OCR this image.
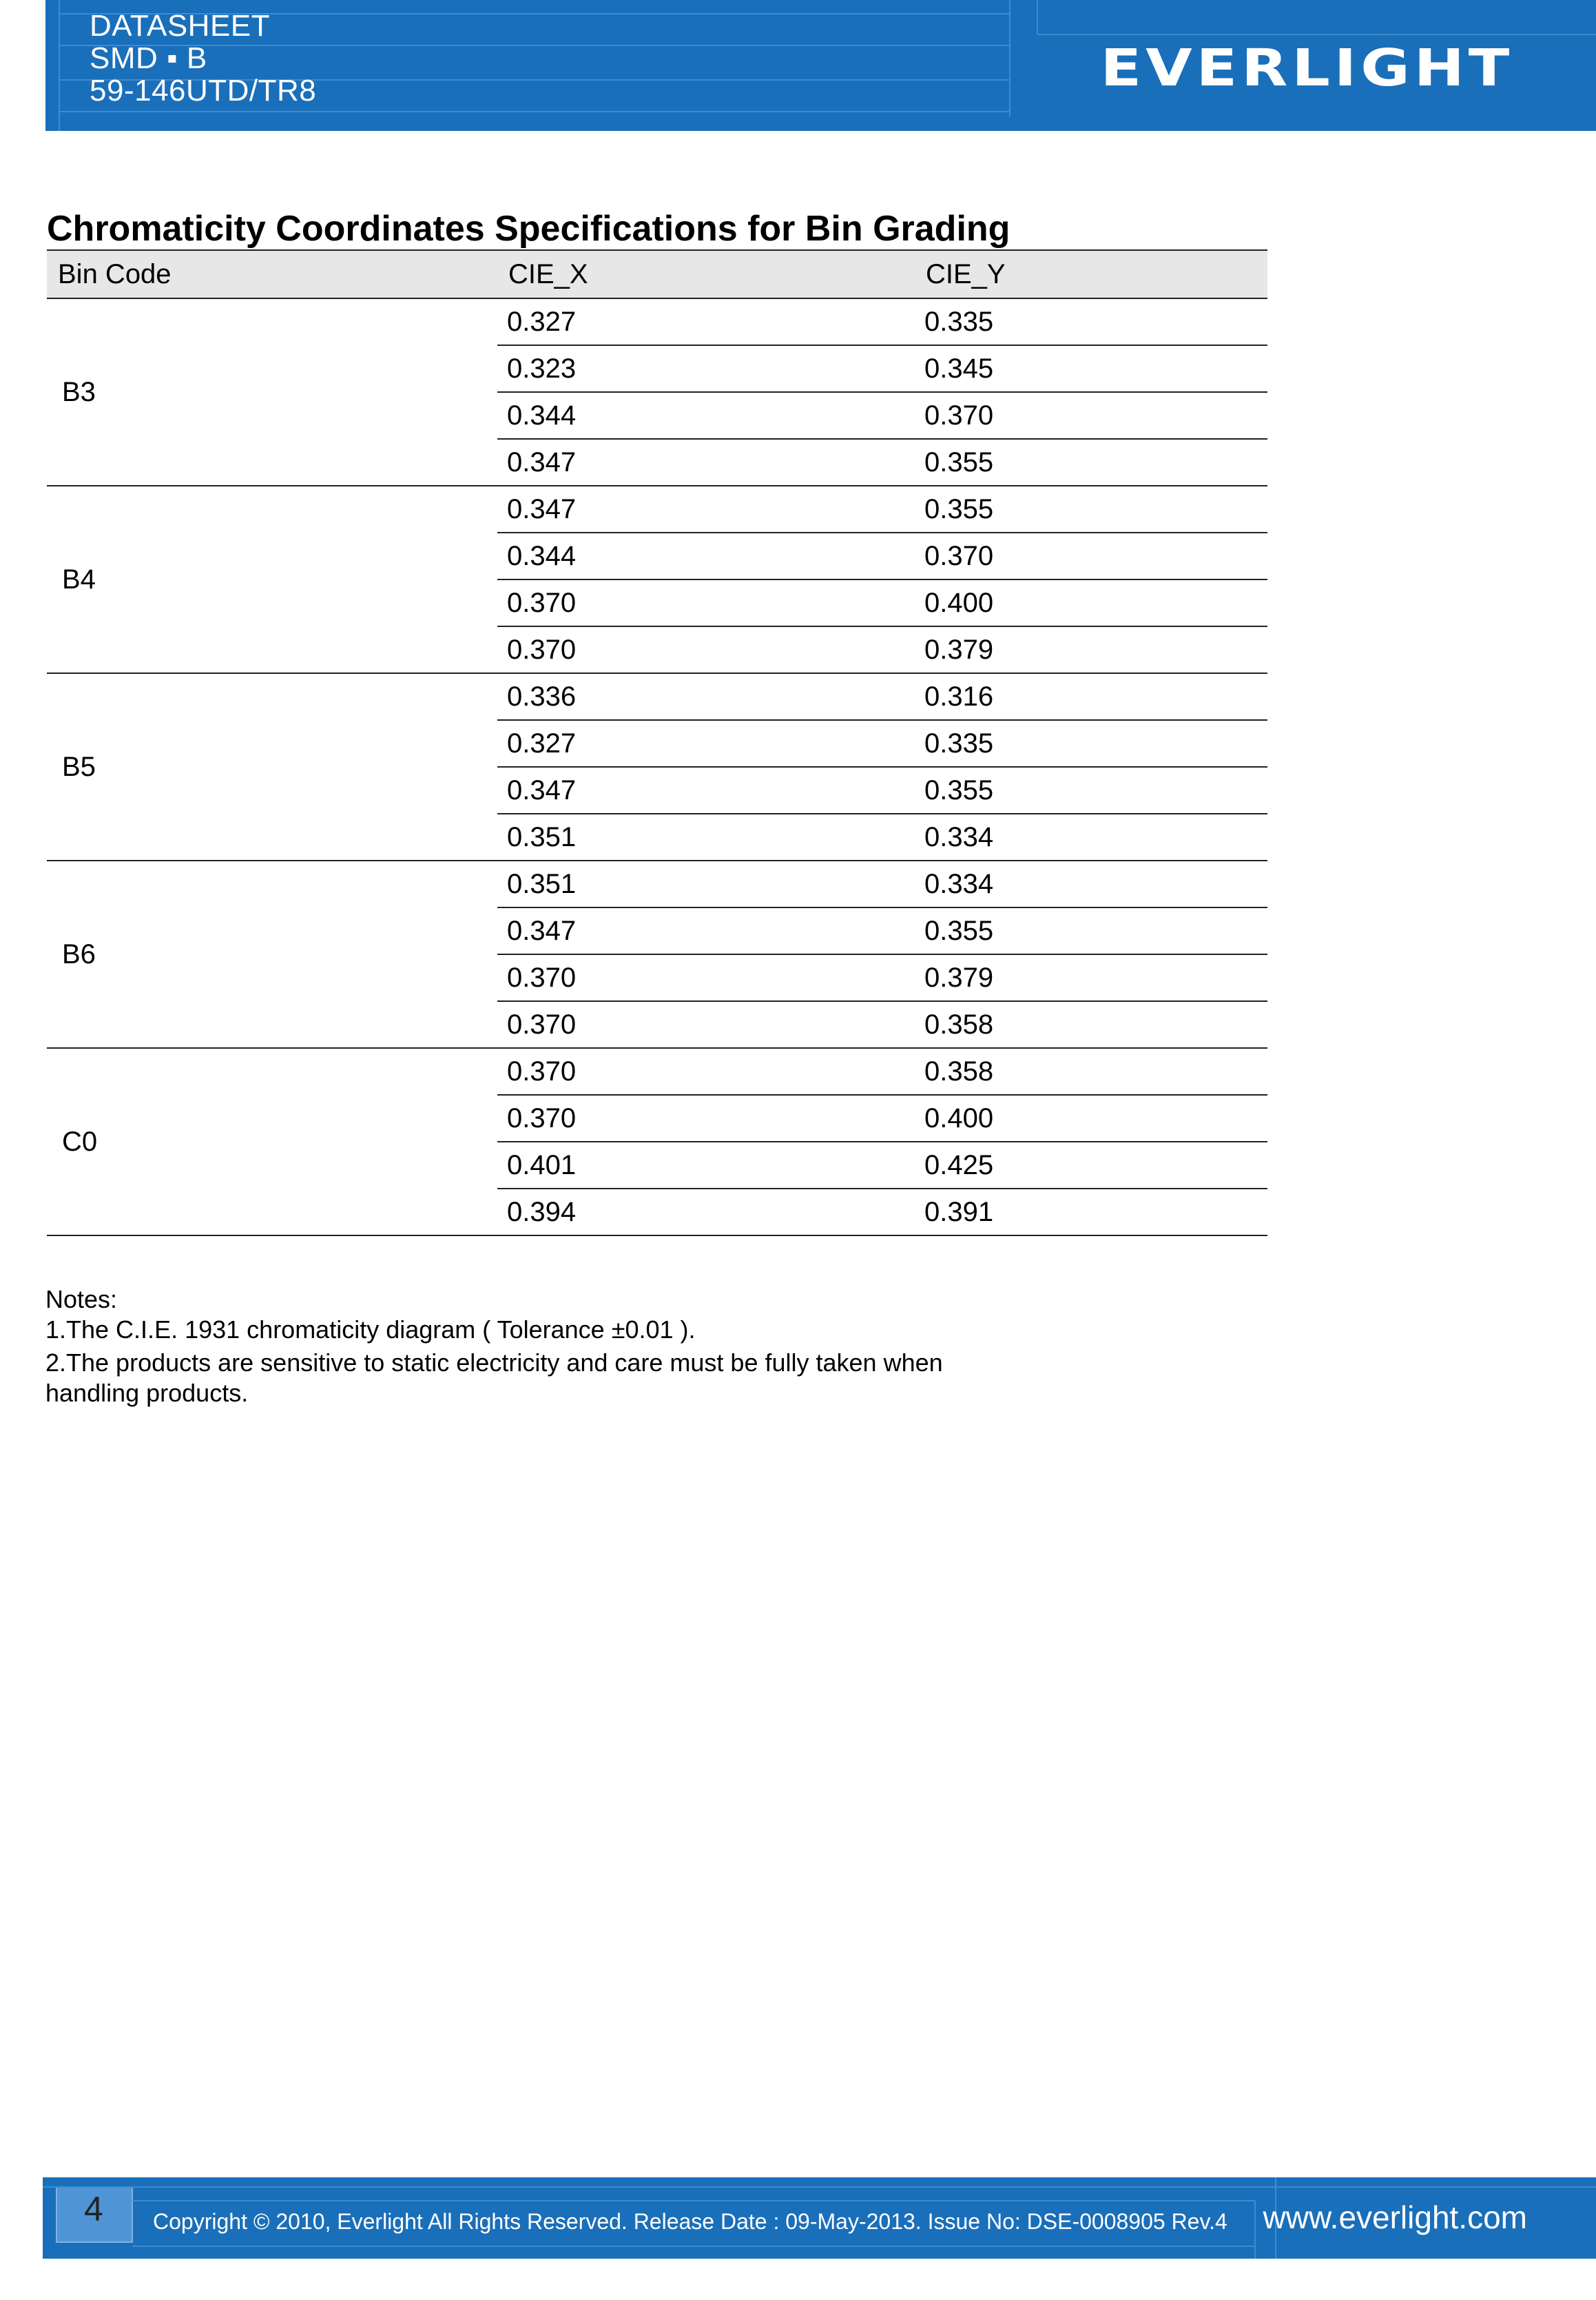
DATASHEET
SMD ▪ B
59-146UTD/TR8	EVERLIGHT
Chromaticity Coordinates Specifications for Bin Grading
Bin Code	CIE_X	CIE_Y
B3	0.327	0.335
	0.323	0.345
	0.344	0.370
	0.347	0.355
B4	0.347	0.355
	0.344	0.370
	0.370	0.400
	0.370	0.379
B5	0.336	0.316
	0.327	0.335
	0.347	0.355
	0.351	0.334
B6	0.351	0.334
	0.347	0.355
	0.370	0.379
	0.370	0.358
C0	0.370	0.358
	0.370	0.400
	0.401	0.425
	0.394	0.391
Notes:
1.The C.I.E. 1931 chromaticity diagram ( Tolerance ±0.01 ).
2.The products are sensitive to static electricity and care must be fully taken when
handling products.
4 Copyright © 2010, Everlight All Rights Reserved. Release Date : 09-May-2013. Issue No: DSE-0008905 Rev.4 www.everlight.com
